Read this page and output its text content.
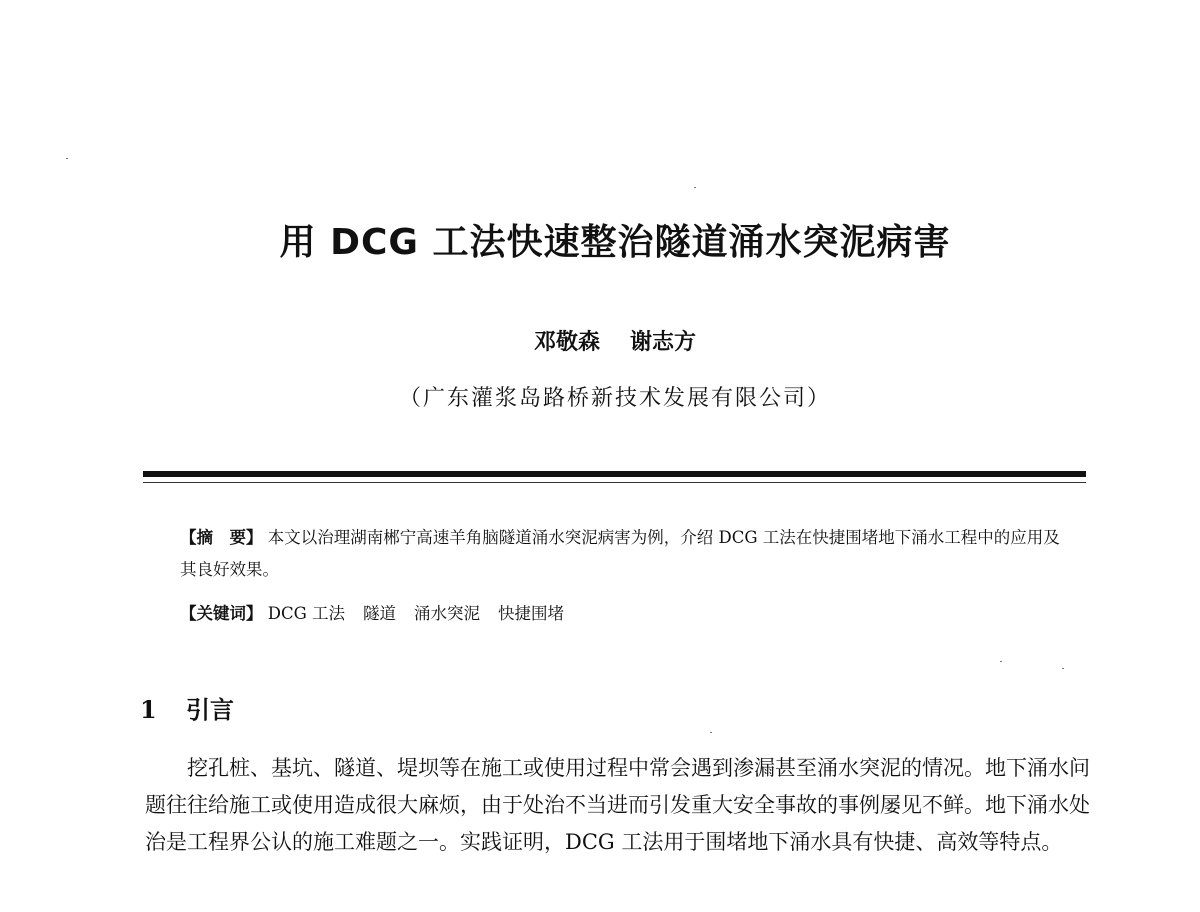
用 DCG 工法快速整治隧道涌水突泥病害
邓敬森 谢志方
（广东灌浆岛路桥新技术发展有限公司）
【摘　要】 本文以治理湖南郴宁高速羊角脑隧道涌水突泥病害为例，介绍 DCG 工法在快捷围堵地下涌水工程中的应用及其良好效果。
【关键词】 DCG 工法 隧道 涌水突泥 快捷围堵
1 引言
挖孔桩、基坑、隧道、堤坝等在施工或使用过程中常会遇到渗漏甚至涌水突泥的情况。地下涌水问题往往给施工或使用造成很大麻烦，由于处治不当进而引发重大安全事故的事例屡见不鲜。地下涌水处治是工程界公认的施工难题之一。实践证明，DCG 工法用于围堵地下涌水具有快捷、高效等特点。
